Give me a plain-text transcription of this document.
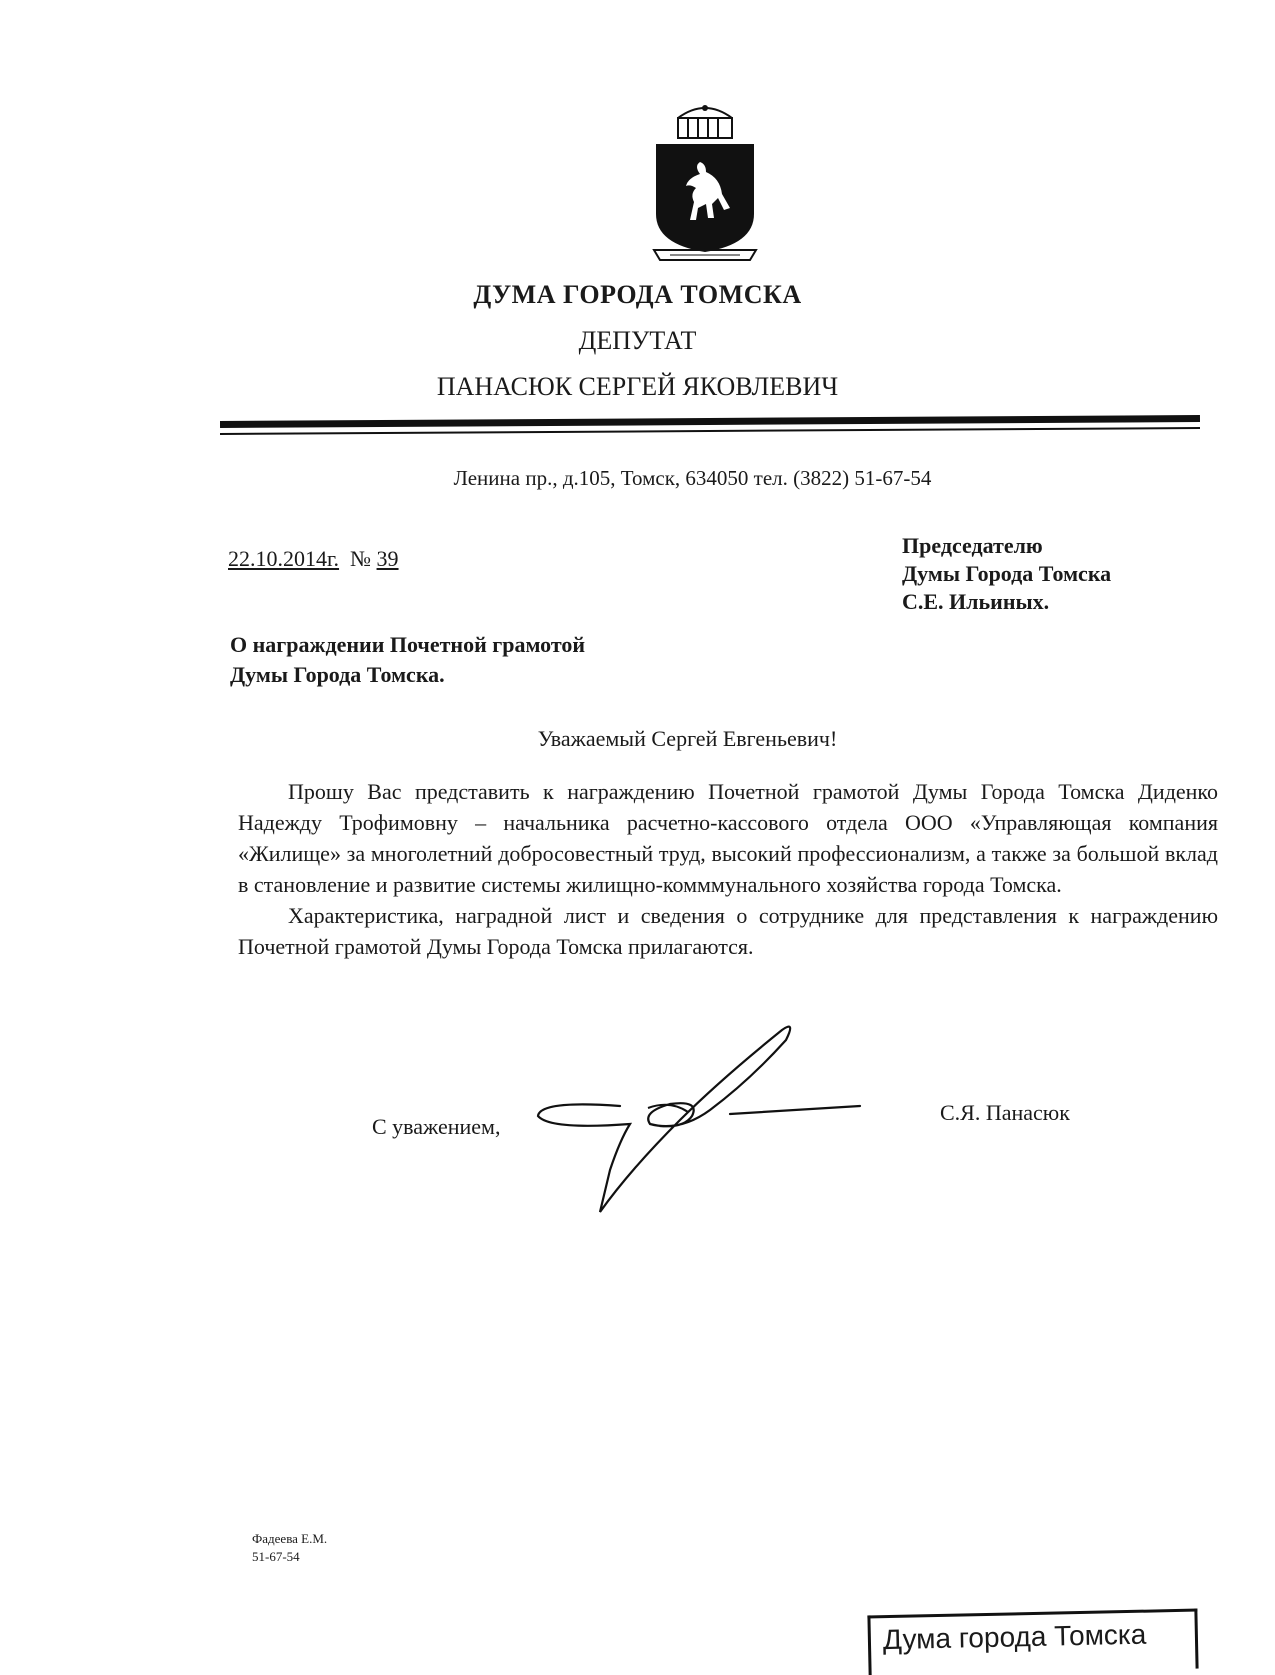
ДУМА ГОРОДА ТОМСКА
ДЕПУТАТ
ПАНАСЮК СЕРГЕЙ ЯКОВЛЕВИЧ
Ленина пр., д.105, Томск, 634050 тел. (3822) 51-67-54
22.10.2014г. № 39
Председателю
Думы Города Томска
С.Е. Ильиных.
О награждении Почетной грамотой
Думы Города Томска.
Уважаемый Сергей Евгеньевич!

Прошу Вас представить к награждению Почетной грамотой Думы Города Томска Диденко Надежду Трофимовну – начальника расчетно-кассового отдела ООО «Управляющая компания «Жилище» за многолетний добросовестный труд, высокий профессионализм, а также за большой вклад в становление и развитие системы жилищно-комммунального хозяйства города Томска.

Характеристика, наградной лист и сведения о сотруднике для представления к награждению Почетной грамотой Думы Города Томска прилагаются.

С уважением,
С.Я. Панасюк
Фадеева Е.М.
51-67-54
Дума города Томска
